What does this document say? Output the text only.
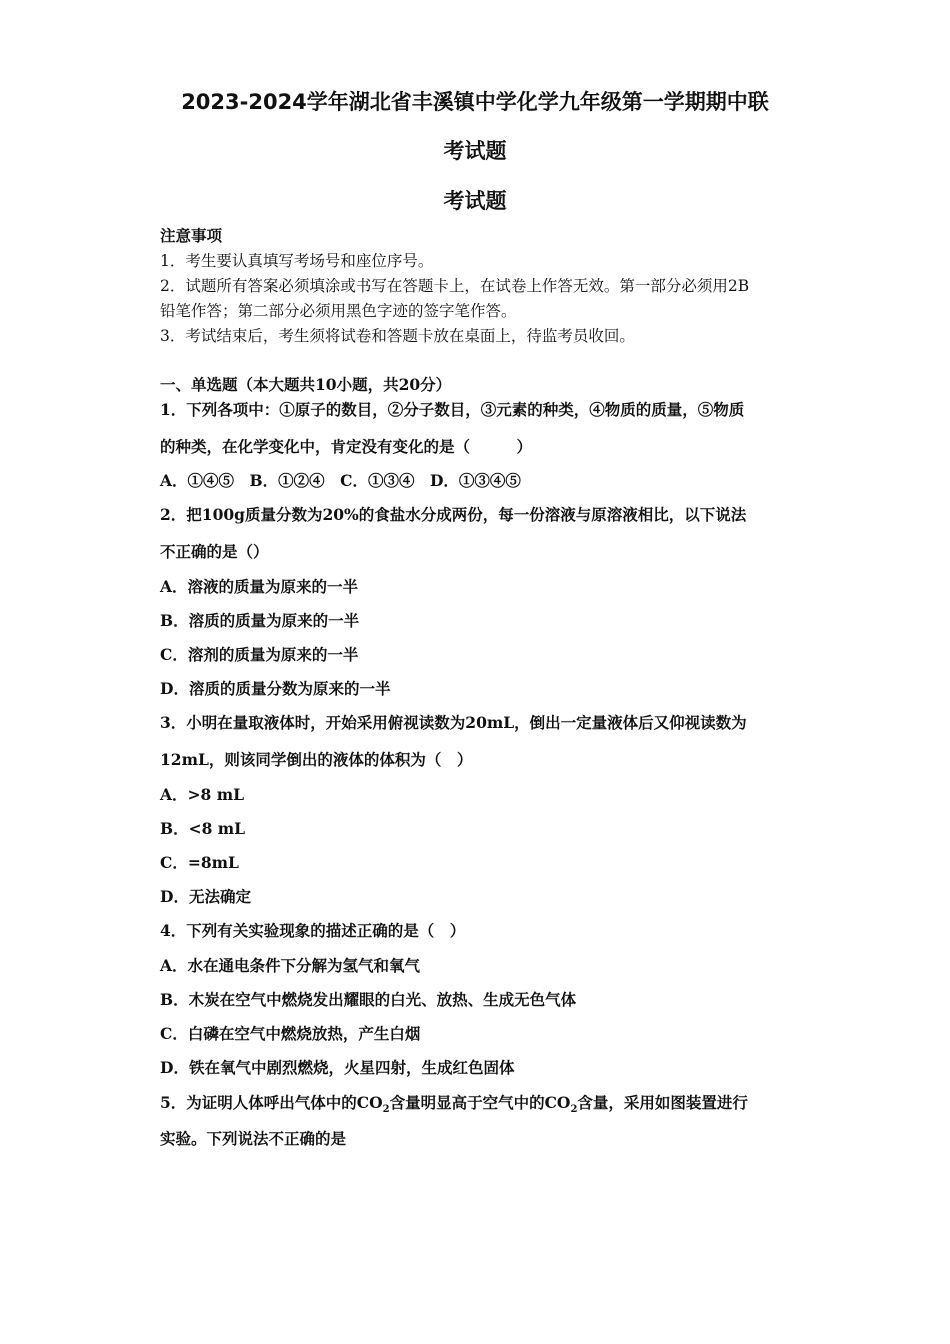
2023-2024学年湖北省丰溪镇中学化学九年级第一学期期中联
考试题
考试题

注意事项

1．考生要认真填写考场号和座位序号。

2．试题所有答案必须填涂或书写在答题卡上，在试卷上作答无效。第一部分必须用2B

铅笔作答；第二部分必须用黑色字迹的签字笔作答。

3．考试结束后，考生须将试卷和答题卡放在桌面上，待监考员收回。

一、单选题（本大题共10小题，共20分）

1．下列各项中：①原子的数目，②分子数目，③元素的种类，④物质的质量，⑤物质

的种类，在化学变化中，肯定没有变化的是（　　　）

A．①④⑤　B．①②④　C．①③④　D．①③④⑤

2．把100g质量分数为20%的食盐水分成两份，每一份溶液与原溶液相比，以下说法

不正确的是（）

A．溶液的质量为原来的一半

B．溶质的质量为原来的一半

C．溶剂的质量为原来的一半

D．溶质的质量分数为原来的一半

3．小明在量取液体时，开始采用俯视读数为20mL，倒出一定量液体后又仰视读数为

12mL，则该同学倒出的液体的体积为（　）

A．>8 mL

B．<8 mL

C．=8mL

D．无法确定

4．下列有关实验现象的描述正确的是（　）

A．水在通电条件下分解为氢气和氧气

B．木炭在空气中燃烧发出耀眼的白光、放热、生成无色气体

C．白磷在空气中燃烧放热，产生白烟

D．铁在氧气中剧烈燃烧，火星四射，生成红色固体

5．为证明人体呼出气体中的$CO_2$含量明显高于空气中的$CO_2$含量，采用如图装置进行

实验。下列说法不正确的是
